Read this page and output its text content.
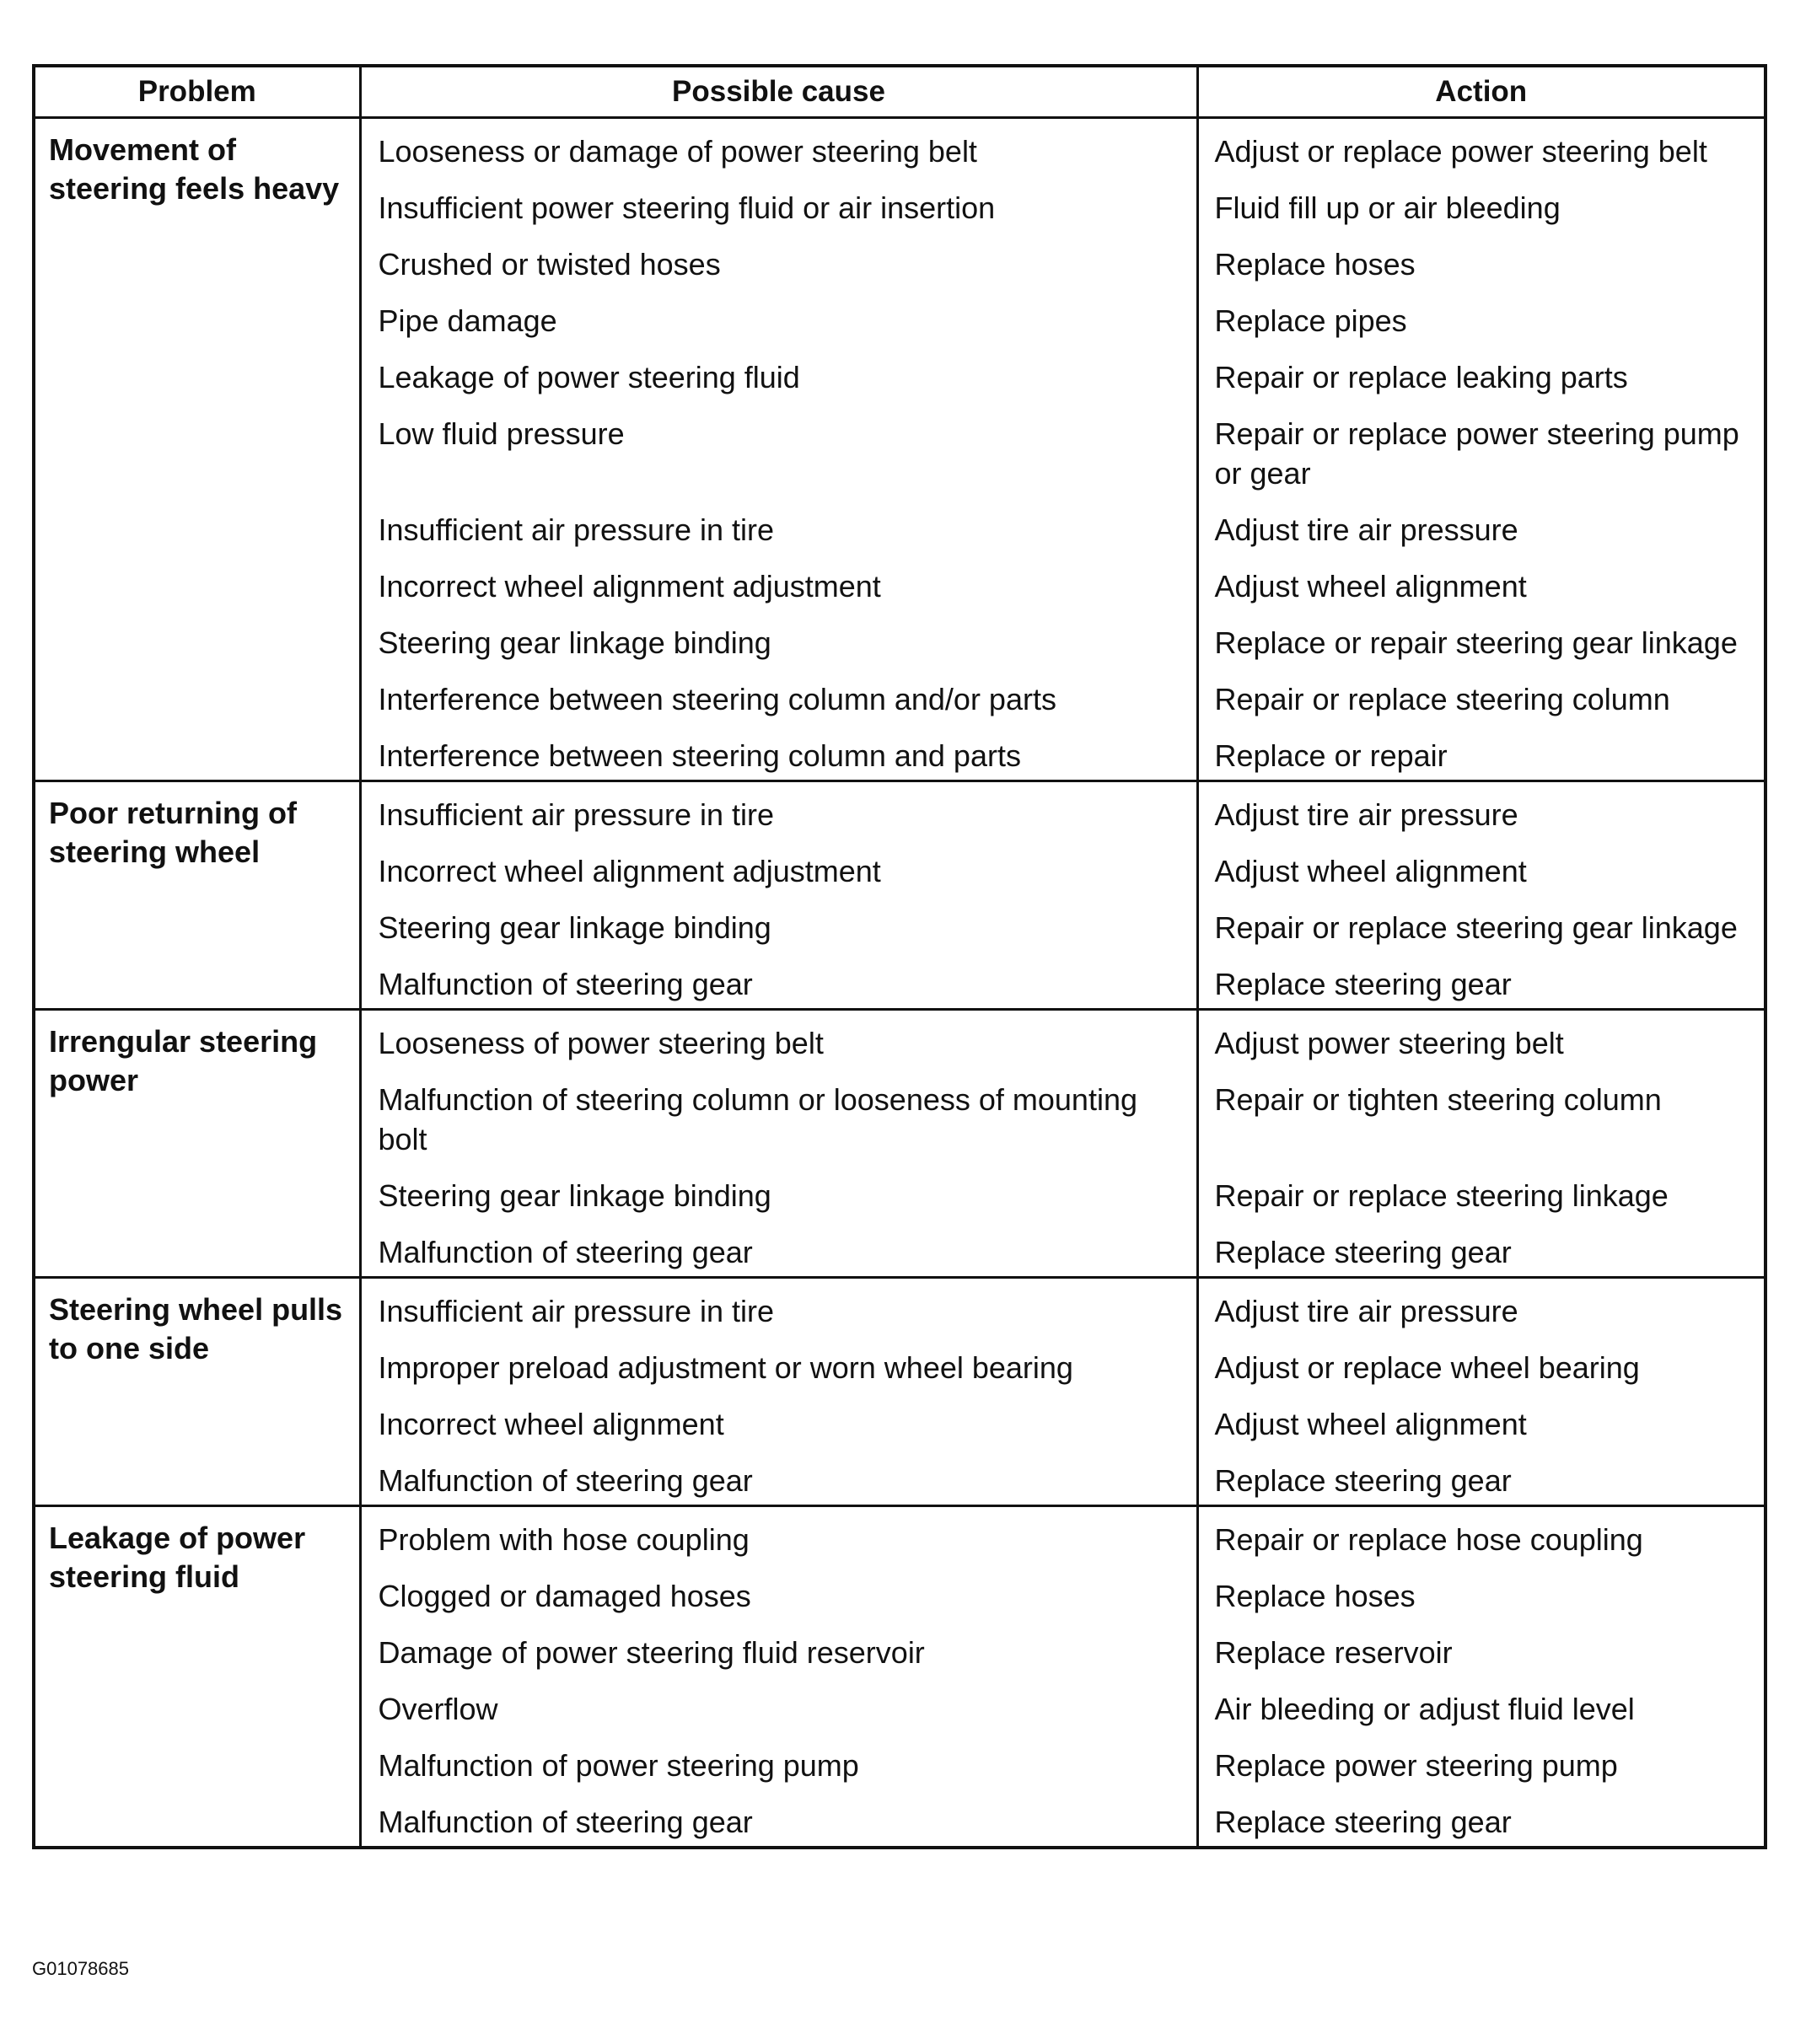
Problem	Possible cause	Action
Movement of steering feels heavy	Looseness or damage of power steering belt	Adjust or replace power steering belt
	Insufficient power steering fluid or air insertion	Fluid fill up or air bleeding
	Crushed or twisted hoses	Replace hoses
	Pipe damage	Replace pipes
	Leakage of power steering fluid	Repair or replace leaking parts
	Low fluid pressure	Repair or replace power steering pump or gear
	Insufficient air pressure in tire	Adjust tire air pressure
	Incorrect wheel alignment adjustment	Adjust wheel alignment
	Steering gear linkage binding	Replace or repair steering gear linkage
	Interference between steering column and/or parts	Repair or replace steering column
	Interference between steering column and parts	Replace or repair
Poor returning of steering wheel	Insufficient air pressure in tire	Adjust tire air pressure
	Incorrect wheel alignment adjustment	Adjust wheel alignment
	Steering gear linkage binding	Repair or replace steering gear linkage
	Malfunction of steering gear	Replace steering gear
Irrengular steering power	Looseness of power steering belt	Adjust power steering belt
	Malfunction of steering column or looseness of mounting bolt	Repair or tighten steering column
	Steering gear linkage binding	Repair or replace steering linkage
	Malfunction of steering gear	Replace steering gear
Steering wheel pulls to one side	Insufficient air pressure in tire	Adjust tire air pressure
	Improper preload adjustment or worn wheel bearing	Adjust or replace wheel bearing
	Incorrect wheel alignment	Adjust wheel alignment
	Malfunction of steering gear	Replace steering gear
Leakage of power steering fluid	Problem with hose coupling	Repair or replace hose coupling
	Clogged or damaged hoses	Replace hoses
	Damage of power steering fluid reservoir	Replace reservoir
	Overflow	Air bleeding or adjust fluid level
	Malfunction of power steering pump	Replace power steering pump
	Malfunction of steering gear	Replace steering gear
G01078685
